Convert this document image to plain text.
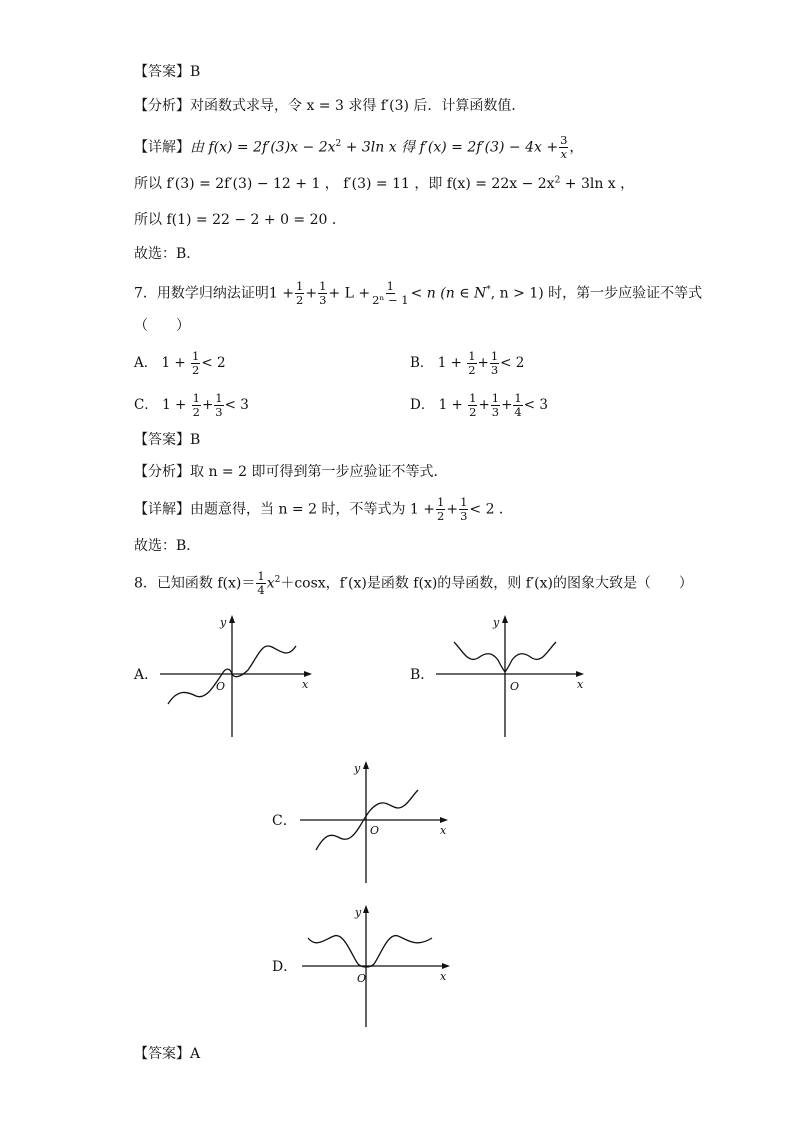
【答案】B
【分析】对函数式求导，令 x = 3 求得 f′(3) 后．计算函数值．
【详解】由 $f(x) = 2f'(3)x - 2x^2 + 3\ln$ x 得 $f'(x) = 2f'(3) - 4x + \frac{3}{x}$ ，
所以 f′(3) = 2f′(3) − 12 + 1 ， f′(3) = 11 ，即 $f(x) = 22x - 2x^2 + 3\ln$ x ，
所以 f(1) = 22 − 2 + 0 = 20 ．
故选：B．
7．用数学归纳法证明$1 + \frac{1}{2} + \frac{1}{3} + L + \frac{1}{\text{2ⁿ − 1}} < n$ (n ∈ N*, n > 1) 时，第一步应验证不等式
（　　）
A． $1 + \frac{1}{2} < 2$	B． $1 + \frac{1}{2} + \frac{1}{3} < 2$
C． $1 + \frac{1}{2} + \frac{1}{3} < 3$	D． $1 + \frac{1}{2} + \frac{1}{3} + \frac{1}{4} < 3$
【答案】B
【分析】取 n = 2 即可得到第一步应验证不等式．
【详解】由题意得，当 n = 2 时，不等式为 $1 + \frac{1}{2} + \frac{1}{3} < 2$ ．
故选：B．
8．已知函数 $f(x)= \frac{1}{4} x^2+\cos x$，f′(x)是函数 f(x)的导函数，则 f′(x)的图象大致是（　　）
A．
x
y
O
B．
x
y
O
C．
x
y
O
D．
x
y
O
【答案】A
